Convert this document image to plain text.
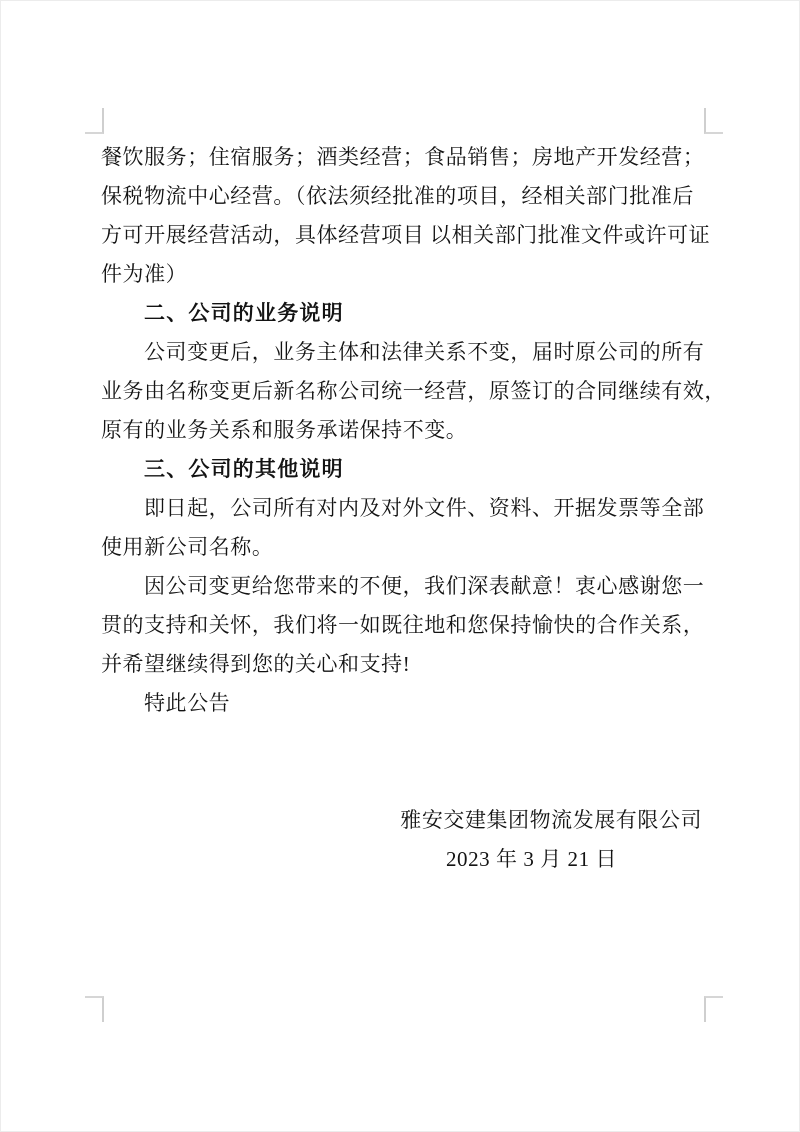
餐饮服务；住宿服务；酒类经营；食品销售；房地产开发经营；
保税物流中心经营。（依法须经批准的项目，经相关部门批准后
方可开展经营活动，具体经营项目 以相关部门批准文件或许可证
件为准）
二、公司的业务说明
公司变更后，业务主体和法律关系不变，届时原公司的所有
业务由名称变更后新名称公司统一经营，原签订的合同继续有效，
原有的业务关系和服务承诺保持不变。
三、公司的其他说明
即日起，公司所有对内及对外文件、资料、开据发票等全部
使用新公司名称。
因公司变更给您带来的不便，我们深表献意！衷心感谢您一
贯的支持和关怀，我们将一如既往地和您保持愉快的合作关系，
并希望继续得到您的关心和支持!
特此公告
雅安交建集团物流发展有限公司
2023 年 3 月 21 日
